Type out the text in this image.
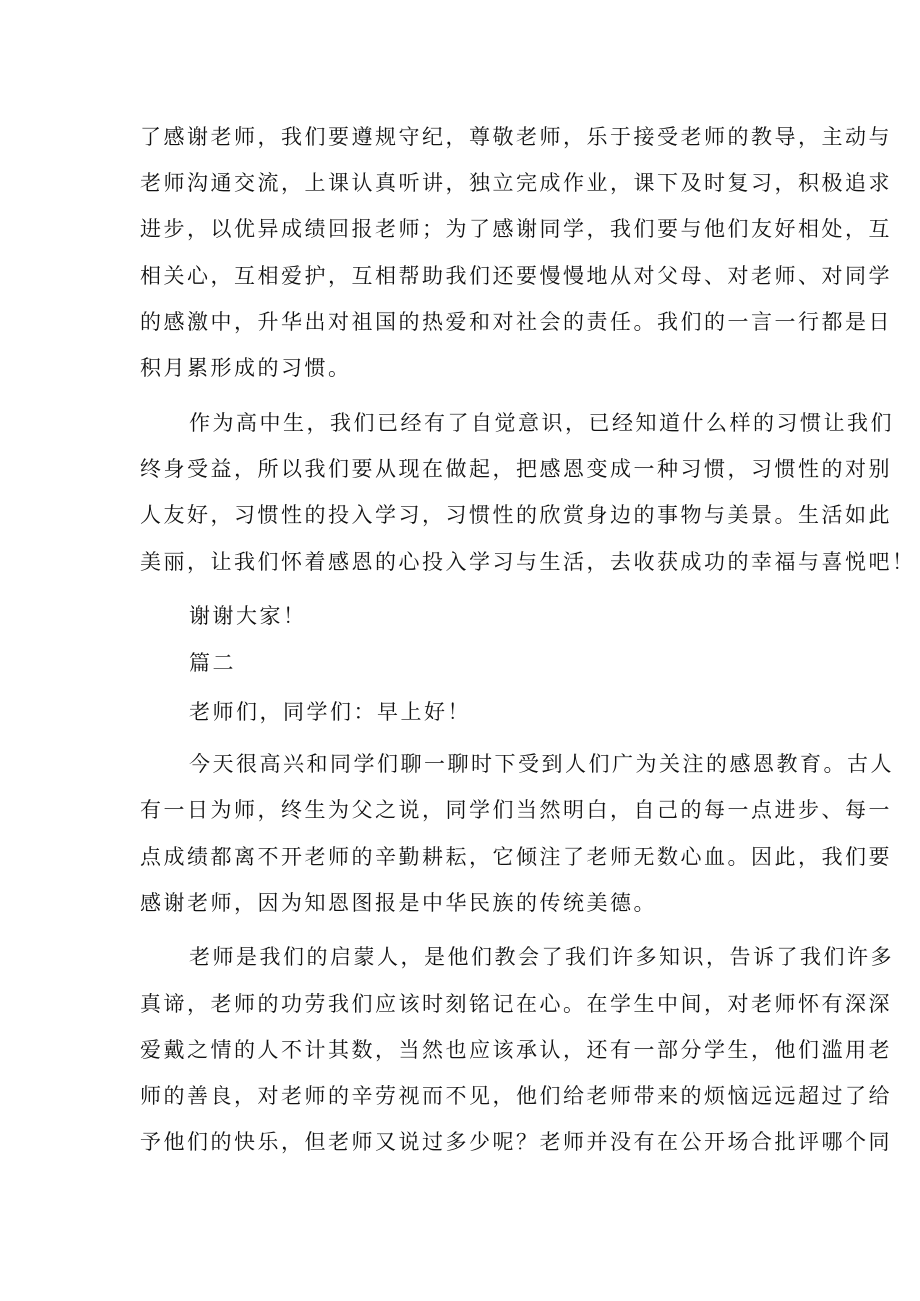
了感谢老师，我们要遵规守纪，尊敬老师，乐于接受老师的教导，主动与
老师沟通交流，上课认真听讲，独立完成作业，课下及时复习，积极追求
进步，以优异成绩回报老师；为了感谢同学，我们要与他们友好相处，互
相关心，互相爱护，互相帮助我们还要慢慢地从对父母、对老师、对同学
的感激中，升华出对祖国的热爱和对社会的责任。我们的一言一行都是日
积月累形成的习惯。
作为高中生，我们已经有了自觉意识，已经知道什么样的习惯让我们
终身受益，所以我们要从现在做起，把感恩变成一种习惯，习惯性的对别
人友好，习惯性的投入学习，习惯性的欣赏身边的事物与美景。生活如此
美丽，让我们怀着感恩的心投入学习与生活，去收获成功的幸福与喜悦吧！
谢谢大家！
篇二
老师们，同学们：早上好！
今天很高兴和同学们聊一聊时下受到人们广为关注的感恩教育。古人
有一日为师，终生为父之说，同学们当然明白，自己的每一点进步、每一
点成绩都离不开老师的辛勤耕耘，它倾注了老师无数心血。因此，我们要
感谢老师，因为知恩图报是中华民族的传统美德。
老师是我们的启蒙人，是他们教会了我们许多知识，告诉了我们许多
真谛，老师的功劳我们应该时刻铭记在心。在学生中间，对老师怀有深深
爱戴之情的人不计其数，当然也应该承认，还有一部分学生，他们滥用老
师的善良，对老师的辛劳视而不见，他们给老师带来的烦恼远远超过了给
予他们的快乐，但老师又说过多少呢？老师并没有在公开场合批评哪个同
